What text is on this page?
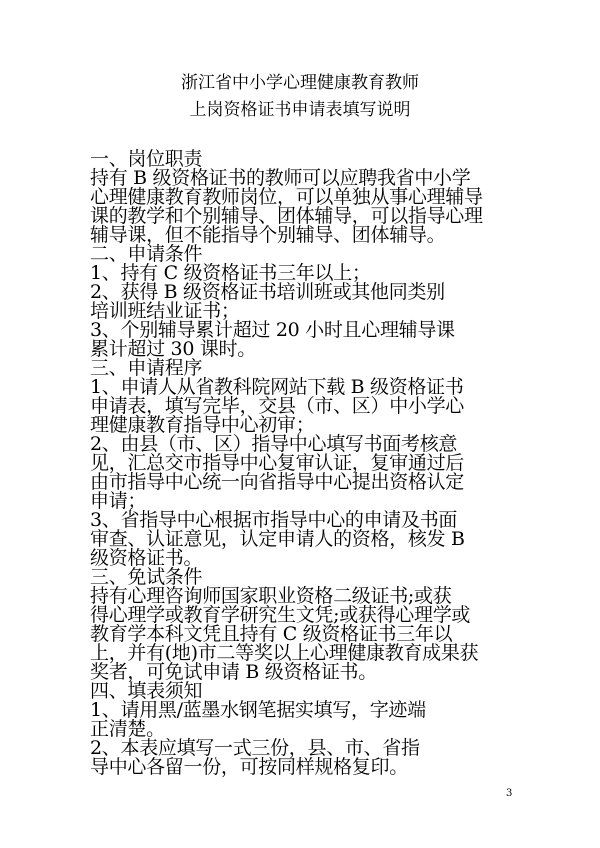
浙江省中小学心理健康教育教师
上岗资格证书申请表填写说明
一、岗位职责
持有 B 级资格证书的教师可以应聘我省中小学
心理健康教育教师岗位，可以单独从事心理辅导
课的教学和个别辅导、团体辅导，可以指导心理
辅导课，但不能指导个别辅导、团体辅导。
二、申请条件
1、持有 C 级资格证书三年以上；
2、获得 B 级资格证书培训班或其他同类别
培训班结业证书；
3、个别辅导累计超过 20 小时且心理辅导课
累计超过 30 课时。
三、申请程序
1、申请人从省教科院网站下载 B 级资格证书
申请表，填写完毕，交县（市、区）中小学心
理健康教育指导中心初审；
2、由县（市、区）指导中心填写书面考核意
见，汇总交市指导中心复审认证，复审通过后
由市指导中心统一向省指导中心提出资格认定
申请；
3、省指导中心根据市指导中心的申请及书面
审查、认证意见，认定申请人的资格，核发 B
级资格证书。
三、免试条件
持有心理咨询师国家职业资格二级证书;或获
得心理学或教育学研究生文凭;或获得心理学或
教育学本科文凭且持有 C 级资格证书三年以
上，并有(地)市二等奖以上心理健康教育成果获
奖者，可免试申请 B 级资格证书。
四、填表须知
1、请用黑/蓝墨水钢笔据实填写，字迹端
正清楚。
2、本表应填写一式三份，县、市、省指
导中心各留一份，可按同样规格复印。
3
